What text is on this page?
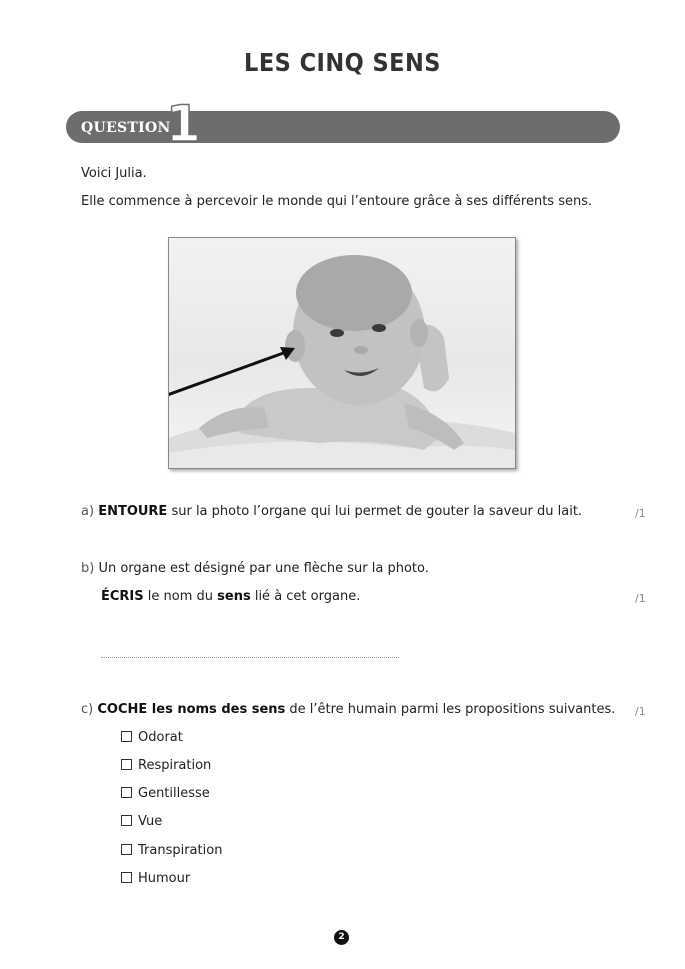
LES CINQ SENS
QUESTION
1
Voici Julia.
Elle commence à percevoir le monde qui l’entoure grâce à ses différents sens.
a) ENTOURE sur la photo l’organe qui lui permet de gouter la saveur du lait.	/1
b) Un organe est désigné par une flèche sur la photo.
ÉCRIS le nom du sens lié à cet organe.	/1
c) COCHE les noms des sens de l’être humain parmi les propositions suivantes. /1
Odorat
Respiration
Gentillesse
Vue
Transpiration
Humour
2
